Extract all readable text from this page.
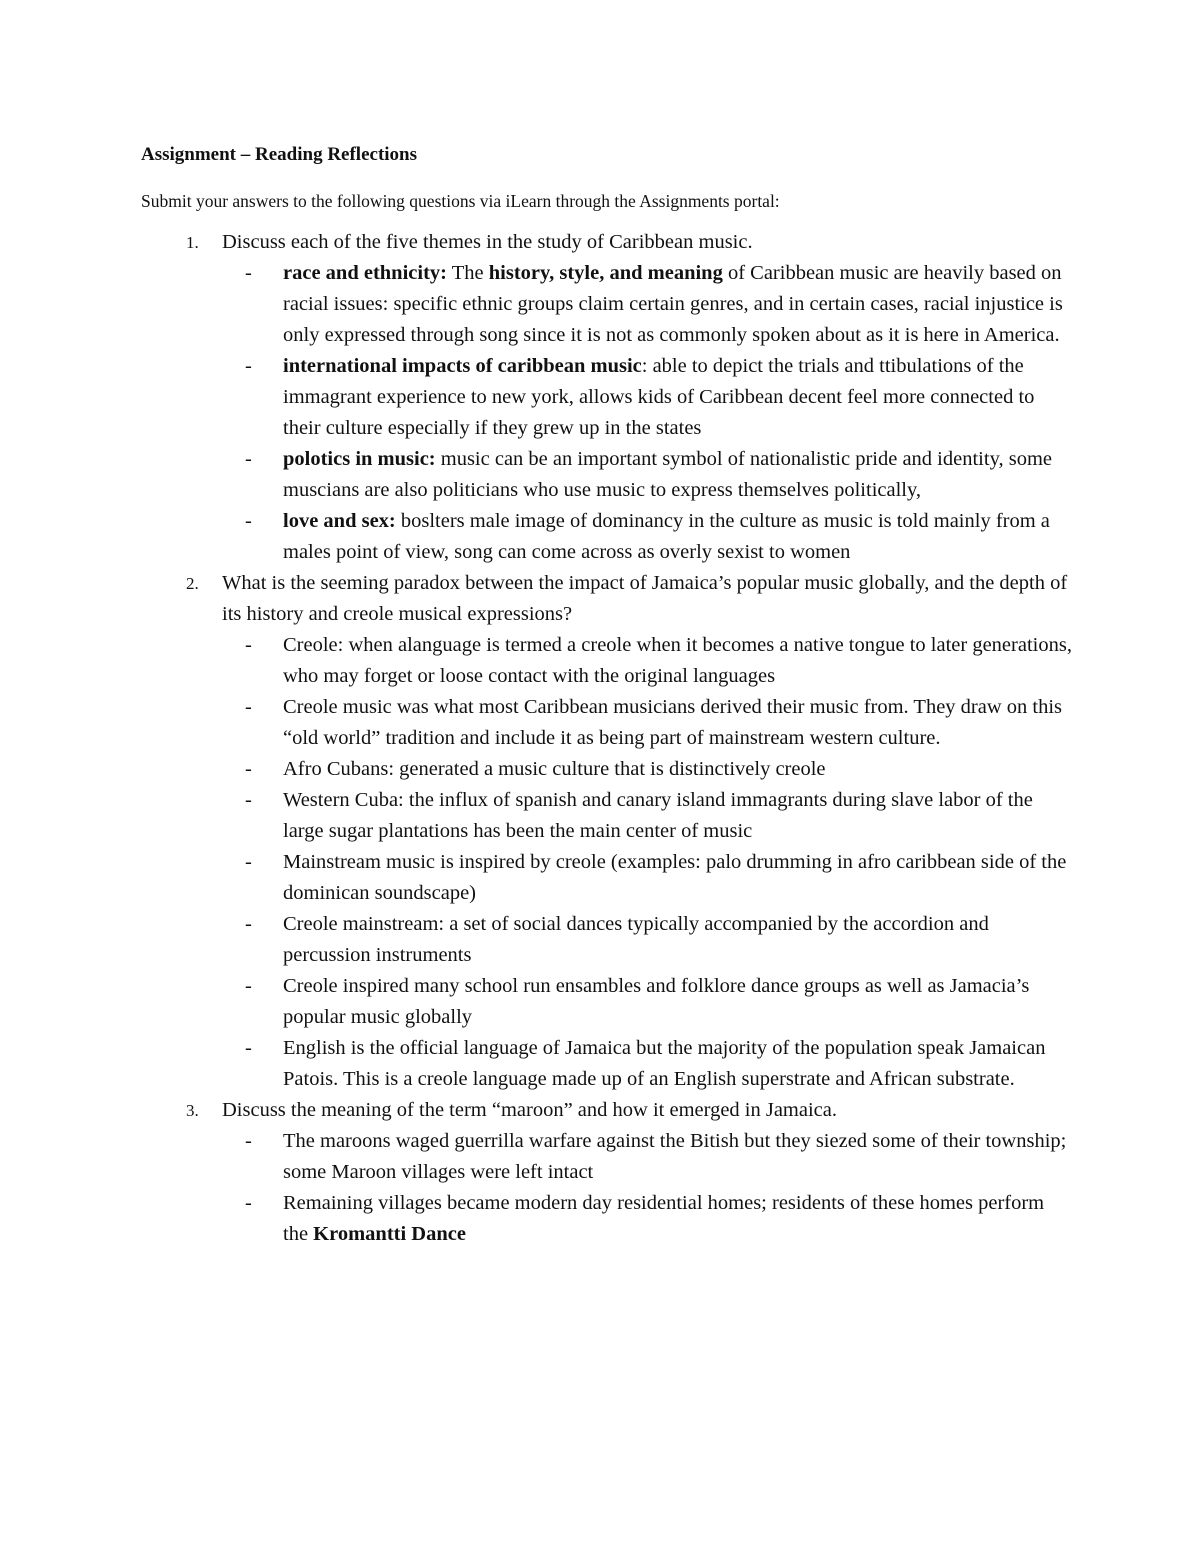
Assignment – Reading Reflections
Submit your answers to the following questions via iLearn through the Assignments portal:
1. Discuss each of the five themes in the study of Caribbean music.
- race and ethnicity: The history, style, and meaning of Caribbean music are heavily based on racial issues: specific ethnic groups claim certain genres, and in certain cases, racial injustice is only expressed through song since it is not as commonly spoken about as it is here in America.
- international impacts of caribbean music: able to depict the trials and ttibulations of the immagrant experience to new york, allows kids of Caribbean decent feel more connected to their culture especially if they grew up in the states
- polotics in music: music can be an important symbol of nationalistic pride and identity, some muscians are also politicians who use music to express themselves politically,
- love and sex: boslters male image of dominancy in the culture as music is told mainly from a males point of view, song can come across as overly sexist to women
2. What is the seeming paradox between the impact of Jamaica’s popular music globally, and the depth of its history and creole musical expressions?
- Creole: when alanguage is termed a creole when it becomes a native tongue to later generations, who may forget or loose contact with the original languages
- Creole music was what most Caribbean musicians derived their music from. They draw on this “old world” tradition and include it as being part of mainstream western culture.
- Afro Cubans: generated a music culture that is distinctively creole
- Western Cuba: the influx of spanish and canary island immagrants during slave labor of the large sugar plantations has been the main center of music
- Mainstream music is inspired by creole (examples: palo drumming in afro caribbean side of the dominican soundscape)
- Creole mainstream: a set of social dances typically accompanied by the accordion and percussion instruments
- Creole inspired many school run ensambles and folklore dance groups as well as Jamacia’s popular music globally
- English is the official language of Jamaica but the majority of the population speak Jamaican Patois. This is a creole language made up of an English superstrate and African substrate.
3. Discuss the meaning of the term “maroon” and how it emerged in Jamaica.
- The maroons waged guerrilla warfare against the Bitish but they siezed some of their township; some Maroon villages were left intact
- Remaining villages became modern day residential homes; residents of these homes perform the Kromantti Dance
